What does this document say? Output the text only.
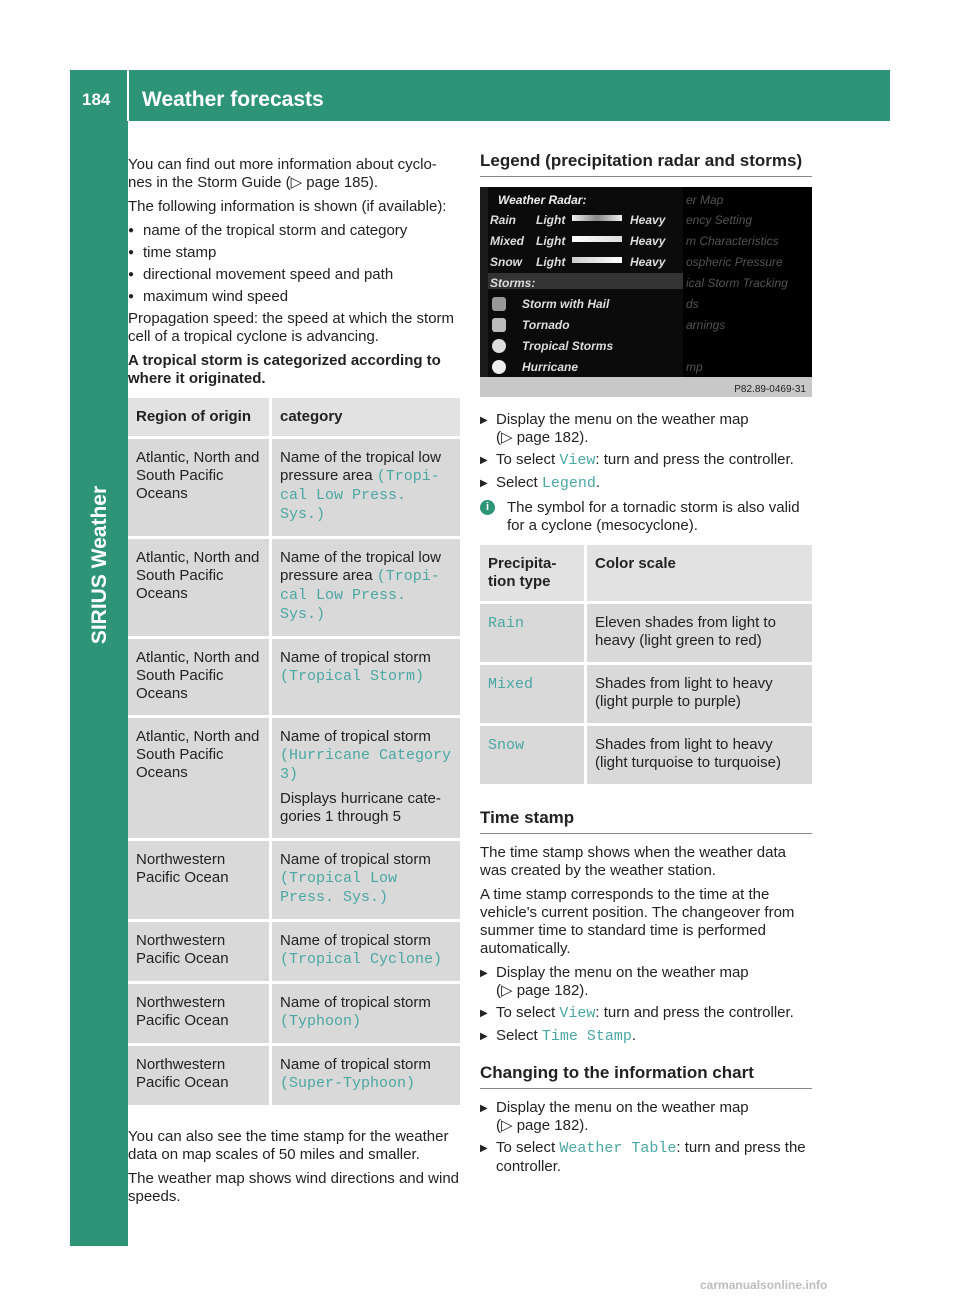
184 Weather forecasts
SIRIUS Weather

You can find out more information about cyclo-
nes in the Storm Guide (▷ page 185).

The following information is shown (if available):

● name of the tropical storm and category
● time stamp
● directional movement speed and path
● maximum wind speed

Propagation speed: the speed at which the storm cell of a tropical cyclone is advancing.

A tropical storm is categorized according to where it originated.

Region of origin	category
Atlantic, North and South Pacific Oceans	Name of the tropical low pressure area (Tropi‐ cal Low Press. Sys.)
Atlantic, North and South Pacific Oceans	Name of the tropical low pressure area (Tropi‐ cal Low Press. Sys.)
Atlantic, North and South Pacific Oceans	Name of tropical storm
(Tropical Storm)
Atlantic, North and South Pacific Oceans	Name of tropical storm
(Hurricane Category 3)
Displays hurricane cate- gories 1 through 5

Northwestern Pacific Ocean	Name of tropical storm
(Tropical Low Press. Sys.)
Northwestern Pacific Ocean	Name of tropical storm
(Tropical Cyclone)
Northwestern Pacific Ocean	Name of tropical storm
(Typhoon)
Northwestern Pacific Ocean	Name of tropical storm
(Super-Typhoon)

You can also see the time stamp for the weather data on map scales of 50 miles and smaller.

The weather map shows wind directions and wind speeds.

Legend (precipitation radar and storms)
Weather Radar:
Rain Light	Heavy
Mixed Light	Heavy
Snow Light	Heavy
Storms:
Storm with Hail
Tornado
Tropical Storms
Hurricane
er Map
ency Setting
m Characteristics
ospheric Pressure
ical Storm Tracking
ds
arnings
mp
P82.89-0469-31
▶ Display the menu on the weather map
(▷ page 182).
▶ To select View: turn and press the controller.
▶ Select Legend.
i	The symbol for a tornadic storm is also valid for a cyclone (mesocyclone).
Precipita- tion type	Color scale
Rain	Eleven shades from light to heavy (light green to red)
Mixed	Shades from light to heavy (light purple to purple)
Snow	Shades from light to heavy (light turquoise to turquoise)
Time stamp

The time stamp shows when the weather data was created by the weather station.

A time stamp corresponds to the time at the vehicle's current position. The changeover from summer time to standard time is performed automatically.

▶ Display the menu on the weather map
(▷ page 182).
▶ To select View: turn and press the controller.
▶ Select Time Stamp.
Changing to the information chart
▶ Display the menu on the weather map
(▷ page 182).
▶ To select Weather Table: turn and press the controller.
carmanualsonline.info
